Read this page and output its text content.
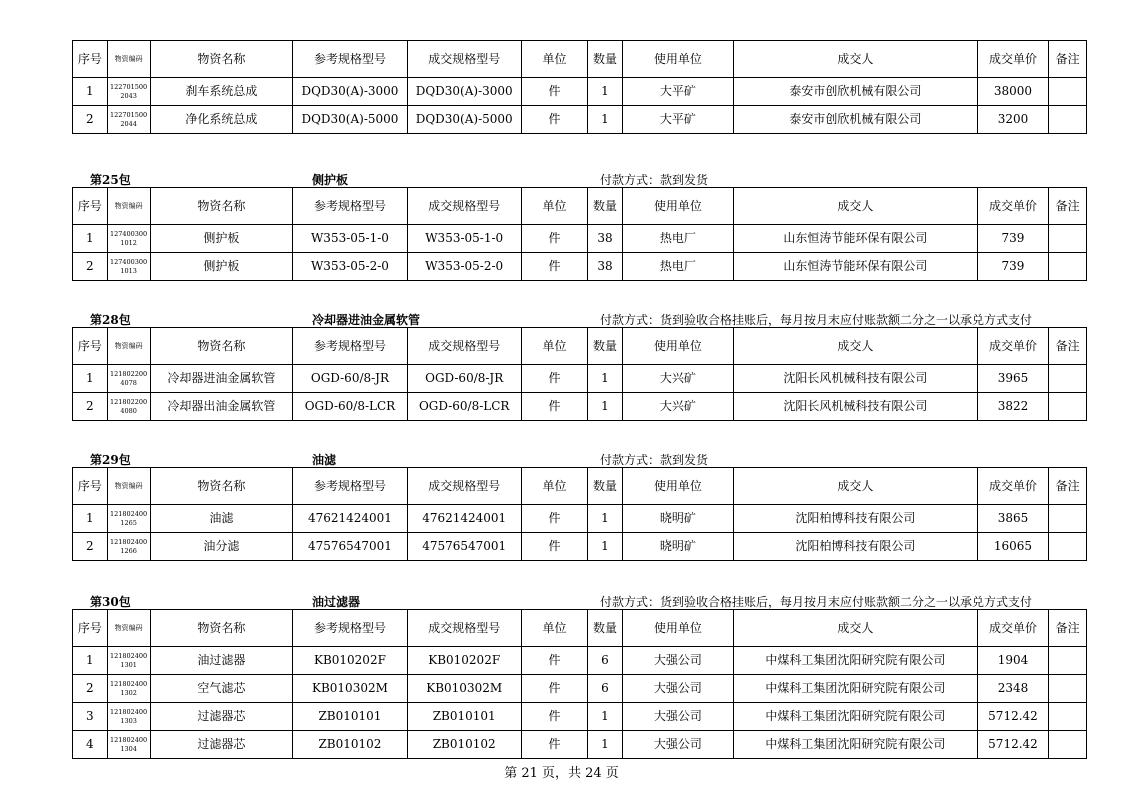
序号	物资编码	物资名称	参考规格型号	成交规格型号	单位	数量	使用单位	成交人	成交单价	备注
1	122701500 2043	刹车系统总成	DQD30(A)-3000	DQD30(A)-3000	件	1	大平矿	泰安市创欣机械有限公司	38000	
2	122701500 2044	净化系统总成	DQD30(A)-5000	DQD30(A)-5000	件	1	大平矿	泰安市创欣机械有限公司	3200	
第25包	侧护板	付款方式：款到发货
序号	物资编码	物资名称	参考规格型号	成交规格型号	单位	数量	使用单位	成交人	成交单价	备注
1	127400300 1012	侧护板	W353-05-1-0	W353-05-1-0	件	38	热电厂	山东恒涛节能环保有限公司	739	
2	127400300 1013	侧护板	W353-05-2-0	W353-05-2-0	件	38	热电厂	山东恒涛节能环保有限公司	739	
第28包	冷却器进油金属软管	付款方式：货到验收合格挂账后，每月按月末应付账款额二分之一以承兑方式支付
序号	物资编码	物资名称	参考规格型号	成交规格型号	单位	数量	使用单位	成交人	成交单价	备注
1	121802200 4078	冷却器进油金属软管	OGD-60/8-JR	OGD-60/8-JR	件	1	大兴矿	沈阳长风机械科技有限公司	3965	
2	121802200 4080	冷却器出油金属软管	OGD-60/8-LCR	OGD-60/8-LCR	件	1	大兴矿	沈阳长风机械科技有限公司	3822	
第29包	油滤	付款方式：款到发货
序号	物资编码	物资名称	参考规格型号	成交规格型号	单位	数量	使用单位	成交人	成交单价	备注
1	121802400 1265	油滤	47621424001	47621424001	件	1	晓明矿	沈阳柏博科技有限公司	3865	
2	121802400 1266	油分滤	47576547001	47576547001	件	1	晓明矿	沈阳柏博科技有限公司	16065	
第30包	油过滤器	付款方式：货到验收合格挂账后，每月按月末应付账款额二分之一以承兑方式支付
序号	物资编码	物资名称	参考规格型号	成交规格型号	单位	数量	使用单位	成交人	成交单价	备注
1	121802400 1301	油过滤器	KB010202F	KB010202F	件	6	大强公司	中煤科工集团沈阳研究院有限公司	1904	
2	121802400 1302	空气滤芯	KB010302M	KB010302M	件	6	大强公司	中煤科工集团沈阳研究院有限公司	2348	
3	121802400 1303	过滤器芯	ZB010101	ZB010101	件	1	大强公司	中煤科工集团沈阳研究院有限公司	5712.42	
4	121802400 1304	过滤器芯	ZB010102	ZB010102	件	1	大强公司	中煤科工集团沈阳研究院有限公司	5712.42	
第 21 页，共 24 页
